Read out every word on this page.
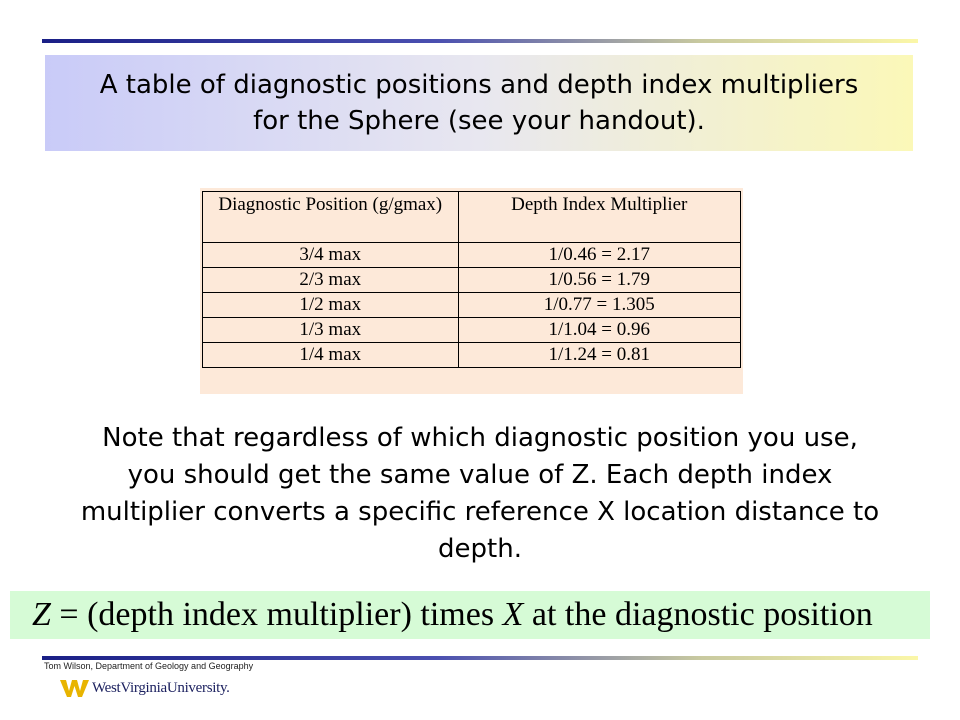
A table of diagnostic positions and depth index multipliers for the Sphere (see your handout).
Diagnostic Position (g/gmax)	Depth Index Multiplier
3/4 max	1/0.46 = 2.17
2/3 max	1/0.56 = 1.79
1/2 max	1/0.77 = 1.305
1/3 max	1/1.04 = 0.96
1/4 max	1/1.24 = 0.81
Note that regardless of which diagnostic position you use, you should get the same value of Z. Each depth index multiplier converts a specific reference X location distance to depth.
Z = (depth index multiplier) times X at the diagnostic position
Tom Wilson, Department of Geology and Geography
WestVirginiaUniversity.
